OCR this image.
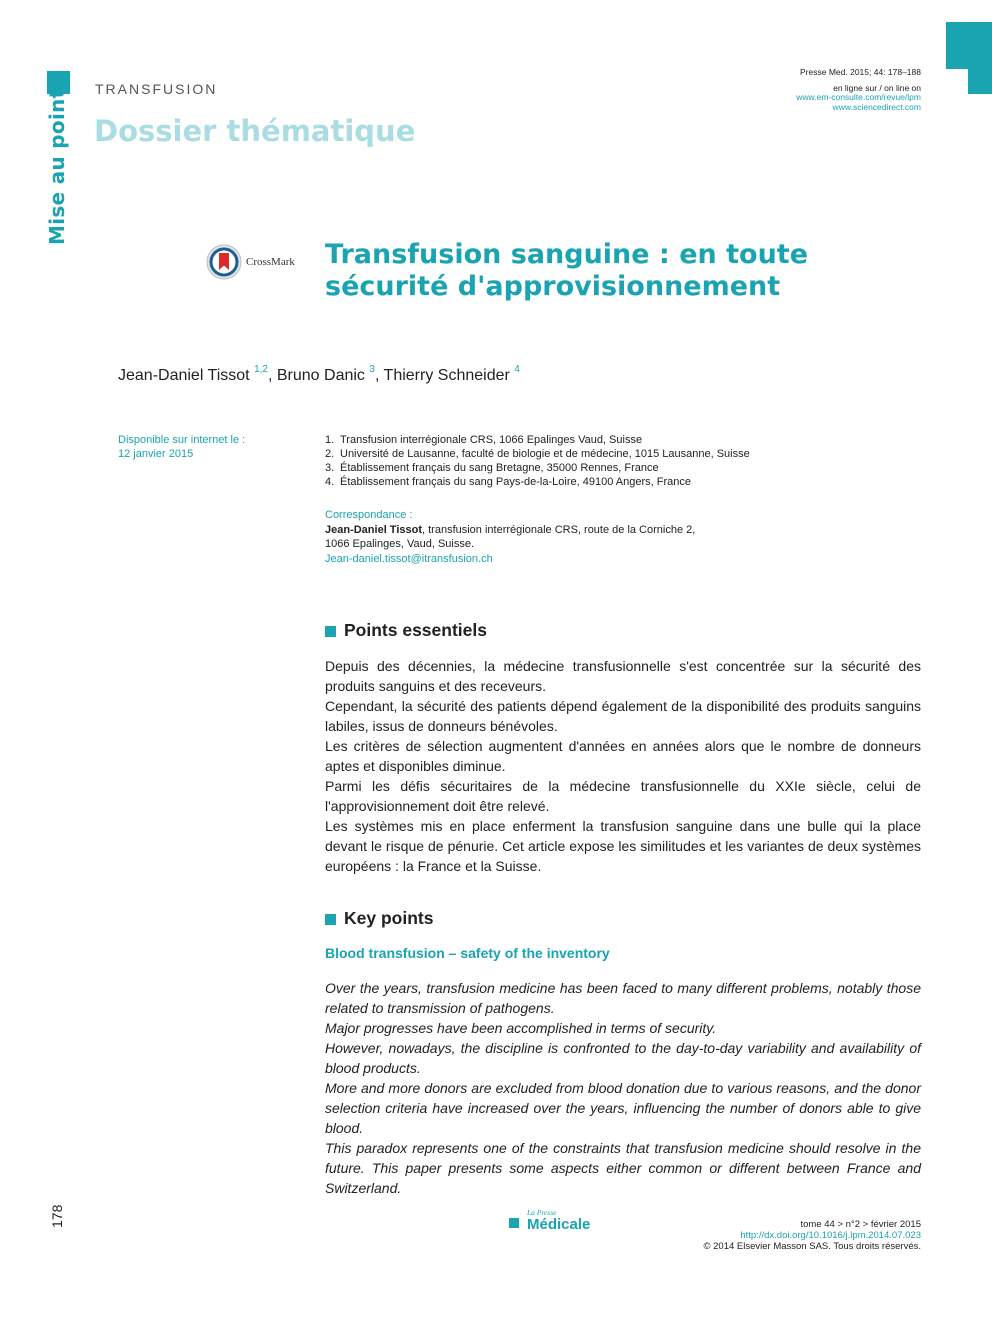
Mise au point
178
TRANSFUSION
Dossier thématique
Presse Med. 2015; 44: 178–188
en ligne sur / on line on
www.em-consulte.com/revue/lpm
www.sciencedirect.com
CrossMark Transfusion sanguine : en toute sécurité d'approvisionnement
Jean-Daniel Tissot $^{1,2}$, Bruno Danic $^3$, Thierry Schneider $^4$
Disponible sur internet le :
12 janvier 2015
1. Transfusion interrégionale CRS, 1066 Epalinges Vaud, Suisse
2. Université de Lausanne, faculté de biologie et de médecine, 1015 Lausanne, Suisse
3. Établissement français du sang Bretagne, 35000 Rennes, France
4. Établissement français du sang Pays-de-la-Loire, 49100 Angers, France
Correspondance :
Jean-Daniel Tissot, transfusion interrégionale CRS, route de la Corniche 2,
1066 Epalinges, Vaud, Suisse.
Jean-daniel.tissot@itransfusion.ch
Points essentiels

Depuis des décennies, la médecine transfusionnelle s'est concentrée sur la sécurité des produits sanguins et des receveurs.

Cependant, la sécurité des patients dépend également de la disponibilité des produits sanguins labiles, issus de donneurs bénévoles.

Les critères de sélection augmentent d'années en années alors que le nombre de donneurs aptes et disponibles diminue.

Parmi les défis sécuritaires de la médecine transfusionnelle du XXIe siècle, celui de l'approvisionnement doit être relevé.

Les systèmes mis en place enferment la transfusion sanguine dans une bulle qui la place devant le risque de pénurie. Cet article expose les similitudes et les variantes de deux systèmes européens : la France et la Suisse.

Key points
Blood transfusion – safety of the inventory

Over the years, transfusion medicine has been faced to many different problems, notably those related to transmission of pathogens.

Major progresses have been accomplished in terms of security.

However, nowadays, the discipline is confronted to the day-to-day variability and availability of blood products.

More and more donors are excluded from blood donation due to various reasons, and the donor selection criteria have increased over the years, influencing the number of donors able to give blood.

This paradox represents one of the constraints that transfusion medicine should resolve in the future. This paper presents some aspects either common or different between France and Switzerland.

La Presse
Médicale	tome 44 > n°2 > février 2015
http://dx.doi.org/10.1016/j.lpm.2014.07.023
© 2014 Elsevier Masson SAS. Tous droits réservés.
